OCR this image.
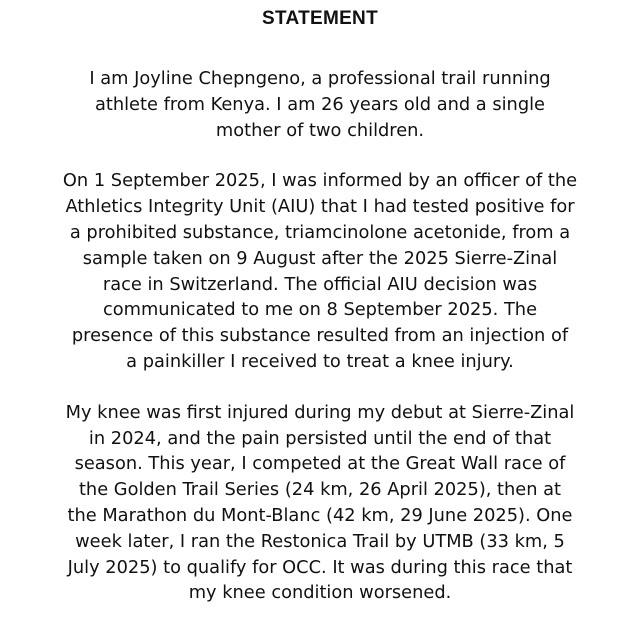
STATEMENT
I am Joyline Chepngeno, a professional trail running
athlete from Kenya. I am 26 years old and a single
mother of two children.
On 1 September 2025, I was informed by an officer of the
Athletics Integrity Unit (AIU) that I had tested positive for
a prohibited substance, triamcinolone acetonide, from a
sample taken on 9 August after the 2025 Sierre-Zinal
race in Switzerland. The official AIU decision was
communicated to me on 8 September 2025. The
presence of this substance resulted from an injection of
a painkiller I received to treat a knee injury.
My knee was first injured during my debut at Sierre-Zinal
in 2024, and the pain persisted until the end of that
season. This year, I competed at the Great Wall race of
the Golden Trail Series (24 km, 26 April 2025), then at
the Marathon du Mont-Blanc (42 km, 29 June 2025). One
week later, I ran the Restonica Trail by UTMB (33 km, 5
July 2025) to qualify for OCC. It was during this race that
my knee condition worsened.
